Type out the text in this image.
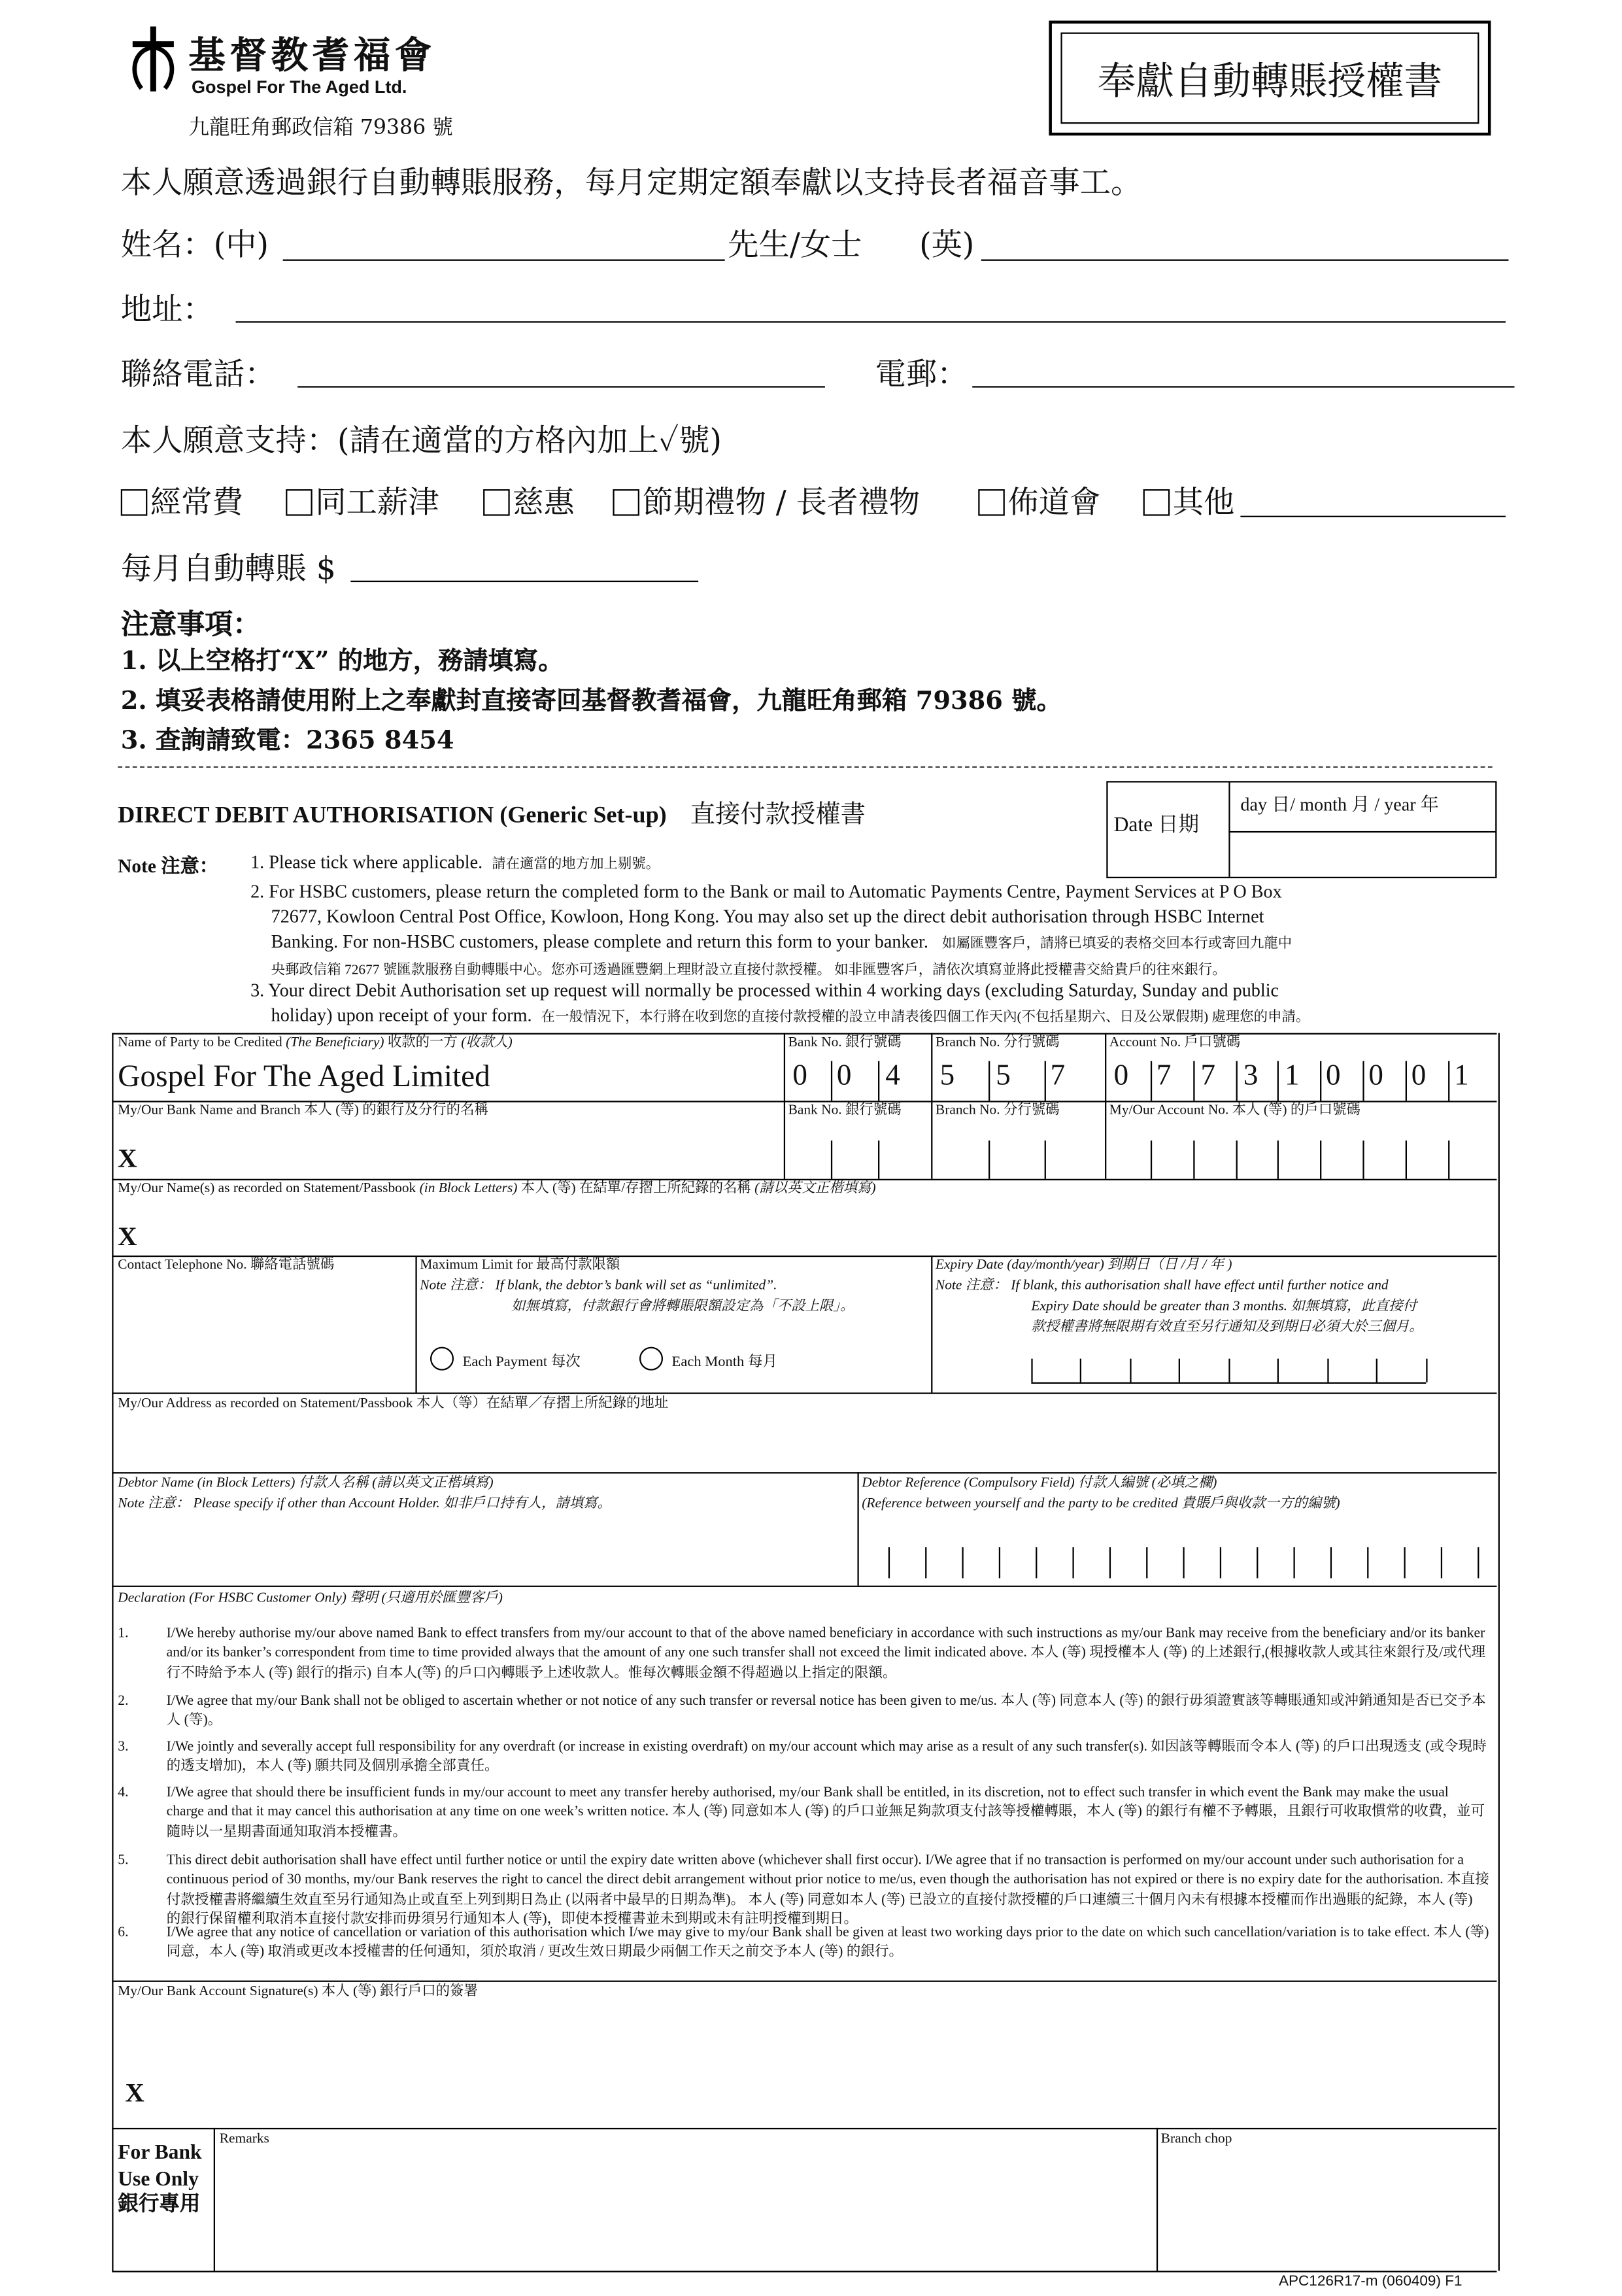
基督教耆福會
Gospel For The Aged Ltd.
九龍旺角郵政信箱 79386 號
奉獻自動轉賬授權書
本人願意透過銀行自動轉賬服務，每月定期定額奉獻以支持長者福音事工。
姓名：(中)	先生/女士	(英)
地址：
聯絡電話：	電郵：
本人願意支持：(請在適當的方格內加上✓號)
經常費	同工薪津	慈惠	節期禮物 / 長者禮物	佈道會	其他
每月自動轉賬 $
注意事項：
1. 以上空格打“X” 的地方，務請填寫。
2. 填妥表格請使用附上之奉獻封直接寄回基督教耆福會，九龍旺角郵箱 79386 號。
3. 查詢請致電：2365 8454
DIRECT DEBIT AUTHORISATION (Generic Set-up) 直接付款授權書	Date 日期
day 日/ month 月 / year 年
Note 注意：	1. Please tick where applicable. 請在適當的地方加上剔號。
2. For HSBC customers, please return the completed form to the Bank or mail to Automatic Payments Centre, Payment Services at P O Box
72677, Kowloon Central Post Office, Kowloon, Hong Kong. You may also set up the direct debit authorisation through HSBC Internet
Banking. For non-HSBC customers, please complete and return this form to your banker. 如屬匯豐客戶，請將已填妥的表格交回本行或寄回九龍中
央郵政信箱 72677 號匯款服務自動轉賬中心。您亦可透過匯豐網上理財設立直接付款授權。 如非匯豐客戶，請依次填寫並將此授權書交給貴戶的往來銀行。
3. Your direct Debit Authorisation set up request will normally be processed within 4 working days (excluding Saturday, Sunday and public
holiday) upon receipt of your form. 在一般情況下，本行將在收到您的直接付款授權的設立申請表後四個工作天內(不包括星期六、日及公眾假期) 處理您的申請。
Name of Party to be Credited (The Beneficiary) 收款的一方 (收款人)
Gospel For The Aged Limited
Bank No. 銀行號碼	Branch No. 分行號碼	Account No. 戶口號碼
0 0	4	5	5	7	0 7 7 3 1 0 0 0 1
My/Our Bank Name and Branch 本人 (等) 的銀行及分行的名稱
X
Bank No. 銀行號碼	Branch No. 分行號碼	My/Our Account No. 本人 (等) 的戶口號碼
My/Our Name(s) as recorded on Statement/Passbook (in Block Letters) 本人 (等) 在結單/存摺上所紀錄的名稱 (請以英文正楷填寫)
X
Contact Telephone No. 聯絡電話號碼	Maximum Limit for 最高付款限額
Note 注意： If blank, the debtor’s bank will set as “unlimited”.
如無填寫，付款銀行會將轉賬限額設定為「不設上限」。
Each Payment 每次	Each Month 每月
Expiry Date (day/month/year) 到期日（日 /月 / 年 )
Note 注意： If blank, this authorisation shall have effect until further notice and
Expiry Date should be greater than 3 months. 如無填寫，此直接付
款授權書將無限期有效直至另行通知及到期日必須大於三個月。
My/Our Address as recorded on Statement/Passbook 本人（等）在結單／存摺上所紀錄的地址
Debtor Name (in Block Letters) 付款人名稱 (請以英文正楷填寫)
Note 注意： Please specify if other than Account Holder. 如非戶口持有人，請填寫。
Debtor Reference (Compulsory Field) 付款人編號 (必填之欄)
(Reference between yourself and the party to be credited 貴賬戶與收款一方的編號)
Declaration (For HSBC Customer Only) 聲明 (只適用於匯豐客戶)
1.	I/We hereby authorise my/our above named Bank to effect transfers from my/our account to that of the above named beneficiary in accordance with such instructions as my/our Bank may receive from the beneficiary and/or its banker and/or its banker’s correspondent from time to time provided always that the amount of any one such transfer shall not exceed the limit indicated above. 本人 (等) 現授權本人 (等) 的上述銀行,(根據收款人或其往來銀行及/或代理行不時給予本人 (等) 銀行的指示) 自本人(等) 的戶口內轉賬予上述收款人。惟每次轉賬金額不得超過以上指定的限額。
2.	I/We agree that my/our Bank shall not be obliged to ascertain whether or not notice of any such transfer or reversal notice has been given to me/us. 本人 (等) 同意本人 (等) 的銀行毋須證實該等轉賬通知或沖銷通知是否已交予本人 (等)。
3.	I/We jointly and severally accept full responsibility for any overdraft (or increase in existing overdraft) on my/our account which may arise as a result of any such transfer(s). 如因該等轉賬而令本人 (等) 的戶口出現透支 (或令現時的透支增加)，本人 (等) 願共同及個別承擔全部責任。
4.	I/We agree that should there be insufficient funds in my/our account to meet any transfer hereby authorised, my/our Bank shall be entitled, in its discretion, not to effect such transfer in which event the Bank may make the usual charge and that it may cancel this authorisation at any time on one week’s written notice. 本人 (等) 同意如本人 (等) 的戶口並無足夠款項支付該等授權轉賬，本人 (等) 的銀行有權不予轉賬，且銀行可收取慣常的收費，並可隨時以一星期書面通知取消本授權書。
5.	This direct debit authorisation shall have effect until further notice or until the expiry date written above (whichever shall first occur). I/We agree that if no transaction is performed on my/our account under such authorisation for a continuous period of 30 months, my/our Bank reserves the right to cancel the direct debit arrangement without prior notice to me/us, even though the authorisation has not expired or there is no expiry date for the authorisation. 本直接付款授權書將繼續生效直至另行通知為止或直至上列到期日為止 (以兩者中最早的日期為準)。 本人 (等) 同意如本人 (等) 已設立的直接付款授權的戶口連續三十個月內未有根據本授權而作出過賬的紀錄，本人 (等) 的銀行保留權利取消本直接付款安排而毋須另行通知本人 (等)，即使本授權書並未到期或未有註明授權到期日。
6.	I/We agree that any notice of cancellation or variation of this authorisation which I/we may give to my/our Bank shall be given at least two working days prior to the date on which such cancellation/variation is to take effect. 本人 (等) 同意，本人 (等) 取消或更改本授權書的任何通知，須於取消 / 更改生效日期最少兩個工作天之前交予本人 (等) 的銀行。
My/Our Bank Account Signature(s) 本人 (等) 銀行戶口的簽署
X
For Bank
Use Only
銀行專用
Remarks	Branch chop
APC126R17-m (060409) F1
